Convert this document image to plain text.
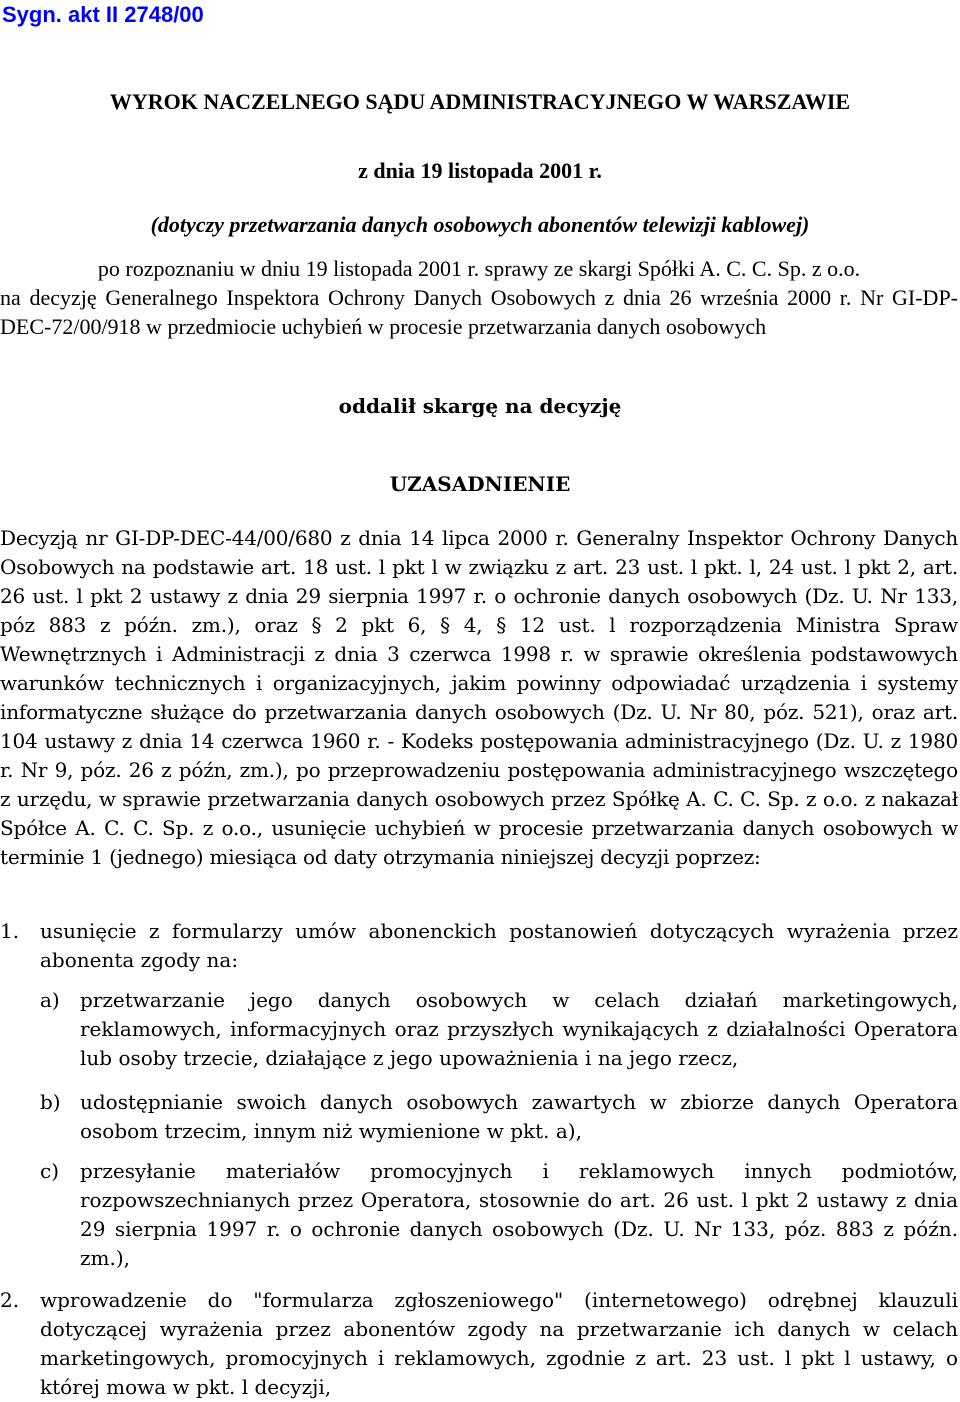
Sygn. akt II 2748/00

WYROK NACZELNEGO SĄDU ADMINISTRACYJNEGO W WARSZAWIE

z dnia 19 listopada 2001 r.

(dotyczy przetwarzania danych osobowych abonentów telewizji kablowej)

po rozpoznaniu w dniu 19 listopada 2001 r. sprawy ze skargi Spółki A. C. C. Sp. z o.o.
na decyzję Generalnego Inspektora Ochrony Danych Osobowych z dnia 26 września 2000 r. Nr GI-DP-DEC-72/00/918 w przedmiocie uchybień w procesie przetwarzania danych osobowych

oddalił skargę na decyzję

UZASADNIENIE

Decyzją nr GI-DP-DEC-44/00/680 z dnia 14 lipca 2000 r. Generalny Inspektor Ochrony Danych Osobowych na podstawie art. 18 ust. l pkt l w związku z art. 23 ust. l pkt. l, 24 ust. l pkt 2, art. 26 ust. l pkt 2 ustawy z dnia 29 sierpnia 1997 r. o ochronie danych osobowych (Dz. U. Nr 133, póz 883 z późn. zm.), oraz § 2 pkt 6, § 4, § 12 ust. l rozporządzenia Ministra Spraw Wewnętrznych i Administracji z dnia 3 czerwca 1998 r. w sprawie określenia podstawowych warunków technicznych i organizacyjnych, jakim powinny odpowiadać urządzenia i systemy informatyczne służące do przetwarzania danych osobowych (Dz. U. Nr 80, póz. 521), oraz art. 104 ustawy z dnia 14 czerwca 1960 r. - Kodeks postępowania administracyjnego (Dz. U. z 1980 r. Nr 9, póz. 26 z późn, zm.), po przeprowadzeniu postępowania administracyjnego wszczętego z urzędu, w sprawie przetwarzania danych osobowych przez Spółkę A. C. C. Sp. z o.o. z nakazał Spółce A. C. C. Sp. z o.o., usunięcie uchybień w procesie przetwarzania danych osobowych w terminie 1 (jednego) miesiąca od daty otrzymania niniejszej decyzji poprzez:

1. usunięcie z formularzy umów abonenckich postanowień dotyczących wyrażenia przez abonenta zgody na:
a) przetwarzanie jego danych osobowych w celach działań marketingowych, reklamowych, informacyjnych oraz przyszłych wynikających z działalności Operatora lub osoby trzecie, działające z jego upoważnienia i na jego rzecz,
b) udostępnianie swoich danych osobowych zawartych w zbiorze danych Operatora osobom trzecim, innym niż wymienione w pkt. a),
c) przesyłanie materiałów promocyjnych i reklamowych innych podmiotów, rozpowszechnianych przez Operatora, stosownie do art. 26 ust. l pkt 2 ustawy z dnia 29 sierpnia 1997 r. o ochronie danych osobowych (Dz. U. Nr 133, póz. 883 z późn. zm.),
2. wprowadzenie do "formularza zgłoszeniowego" (internetowego) odrębnej klauzuli dotyczącej wyrażenia przez abonentów zgody na przetwarzanie ich danych w celach marketingowych, promocyjnych i reklamowych, zgodnie z art. 23 ust. l pkt l ustawy, o której mowa w pkt. l decyzji,
